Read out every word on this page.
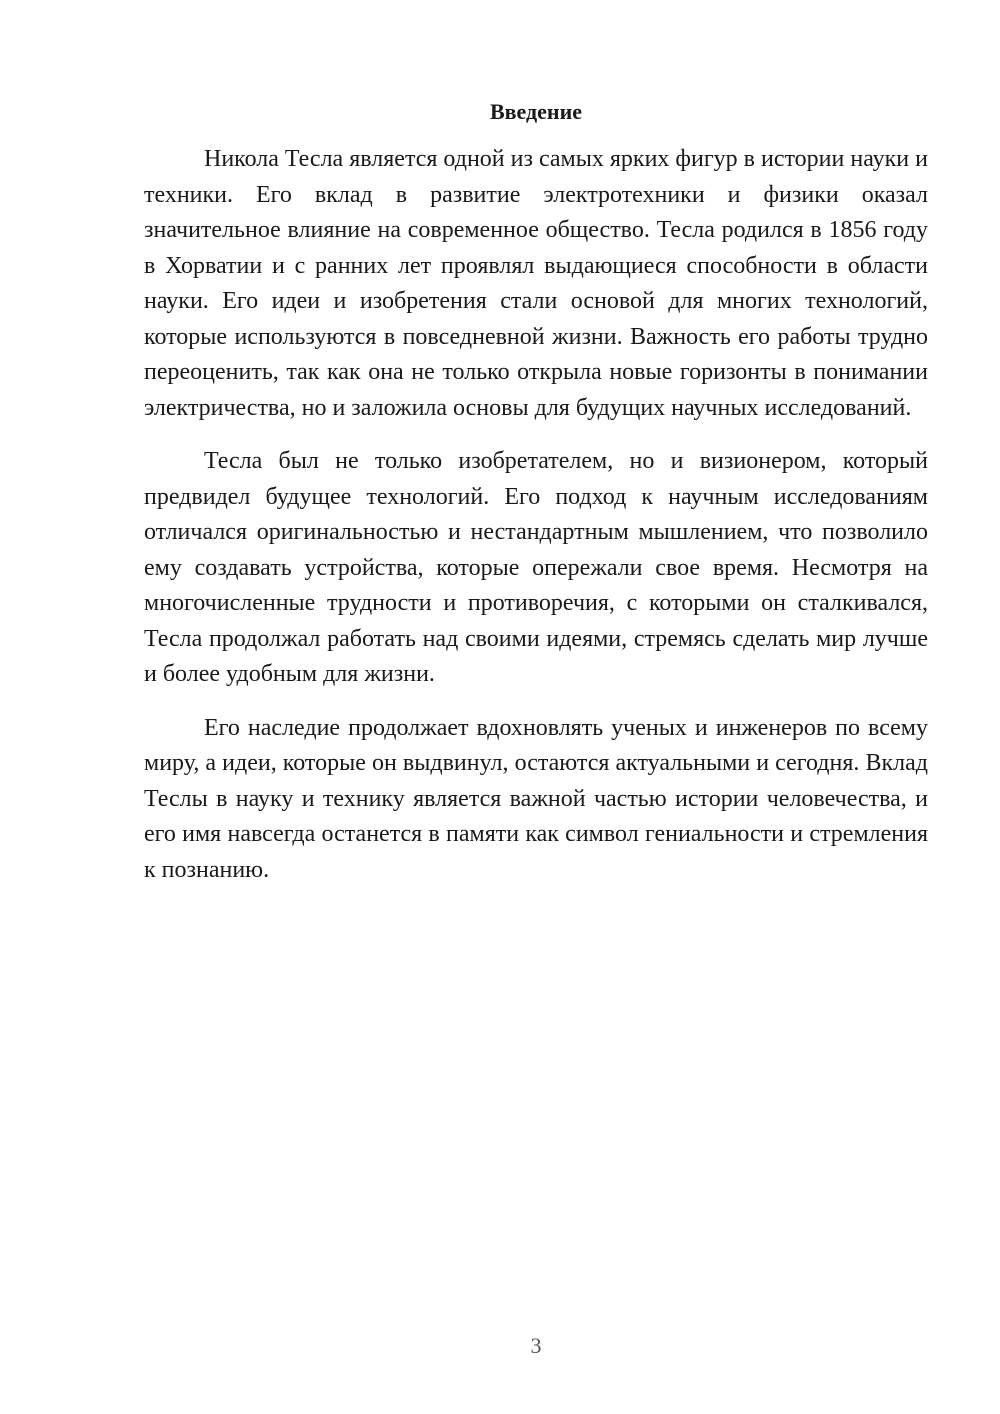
Введение

Никола Тесла является одной из самых ярких фигур в истории науки и техники. Его вклад в развитие электротехники и физики оказал значительное влияние на современное общество. Тесла родился в 1856 году в Хорватии и с ранних лет проявлял выдающиеся способности в области науки. Его идеи и изобретения стали основой для многих технологий, которые используются в повседневной жизни. Важность его работы трудно переоценить, так как она не только открыла новые горизонты в понимании электричества, но и заложила основы для будущих научных исследований.

Тесла был не только изобретателем, но и визионером, который предвидел будущее технологий. Его подход к научным исследованиям отличался оригинальностью и нестандартным мышлением, что позволило ему создавать устройства, которые опережали свое время. Несмотря на многочисленные трудности и противоречия, с которыми он сталкивался, Тесла продолжал работать над своими идеями, стремясь сделать мир лучше и более удобным для жизни.

Его наследие продолжает вдохновлять ученых и инженеров по всему миру, а идеи, которые он выдвинул, остаются актуальными и сегодня. Вклад Теслы в науку и технику является важной частью истории человечества, и его имя навсегда останется в памяти как символ гениальности и стремления к познанию.

3
